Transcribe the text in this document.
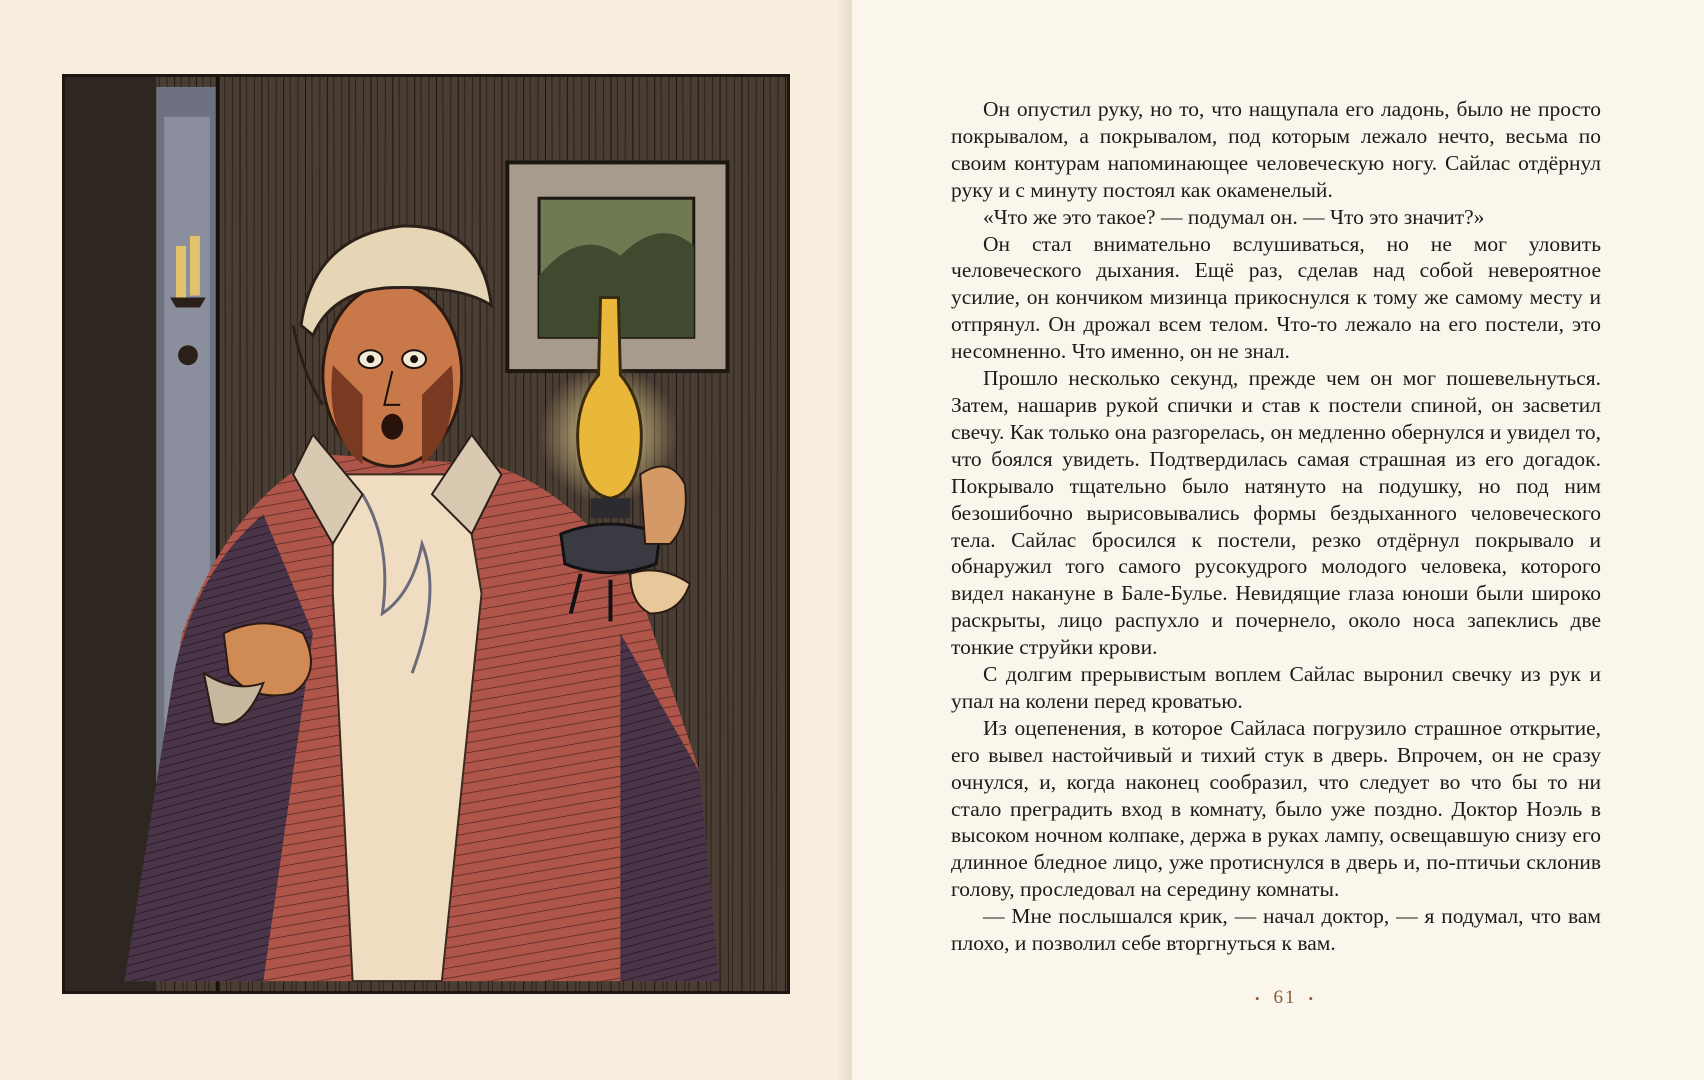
Он опустил руку, но то, что нащупала его ладонь, было не просто покрывалом, а покрывалом, под которым лежало нечто, весьма по своим контурам напоминающее человеческую ногу. Сайлас отдёрнул руку и с минуту постоял как окаменелый.

«Что же это такое? — подумал он. — Что это значит?»

Он стал внимательно вслушиваться, но не мог уловить человеческого дыхания. Ещё раз, сделав над собой невероятное усилие, он кончиком мизинца прикоснулся к тому же самому месту и отпрянул. Он дрожал всем телом. Что-то лежало на его постели, это несомненно. Что именно, он не знал.

Прошло несколько секунд, прежде чем он мог пошевельнуться. Затем, нашарив рукой спички и став к постели спиной, он засветил свечу. Как только она разгорелась, он медленно обернулся и увидел то, что боялся увидеть. Подтвердилась самая страшная из его догадок. Покрывало тщательно было натянуто на подушку, но под ним безошибочно вырисовывались формы бездыханного человеческого тела. Сайлас бросился к постели, резко отдёрнул покрывало и обнаружил того самого русокудрого молодого человека, которого видел накануне в Бале-Булье. Невидящие глаза юноши были широко раскрыты, лицо распухло и почернело, около носа запеклись две тонкие струйки крови.

С долгим прерывистым воплем Сайлас выронил свечку из рук и упал на колени перед кроватью.

Из оцепенения, в которое Сайласа погрузило страшное открытие, его вывел настойчивый и тихий стук в дверь. Впрочем, он не сразу очнулся, и, когда наконец сообразил, что следует во что бы то ни стало преградить вход в комнату, было уже поздно. Доктор Ноэль в высоком ночном колпаке, держа в руках лампу, освещавшую снизу его длинное бледное лицо, уже протиснулся в дверь и, по-птичьи склонив голову, проследовал на середину комнаты.

— Мне послышался крик, — начал доктор, — я подумал, что вам плохо, и позволил себе вторгнуться к вам.

• 61 •
